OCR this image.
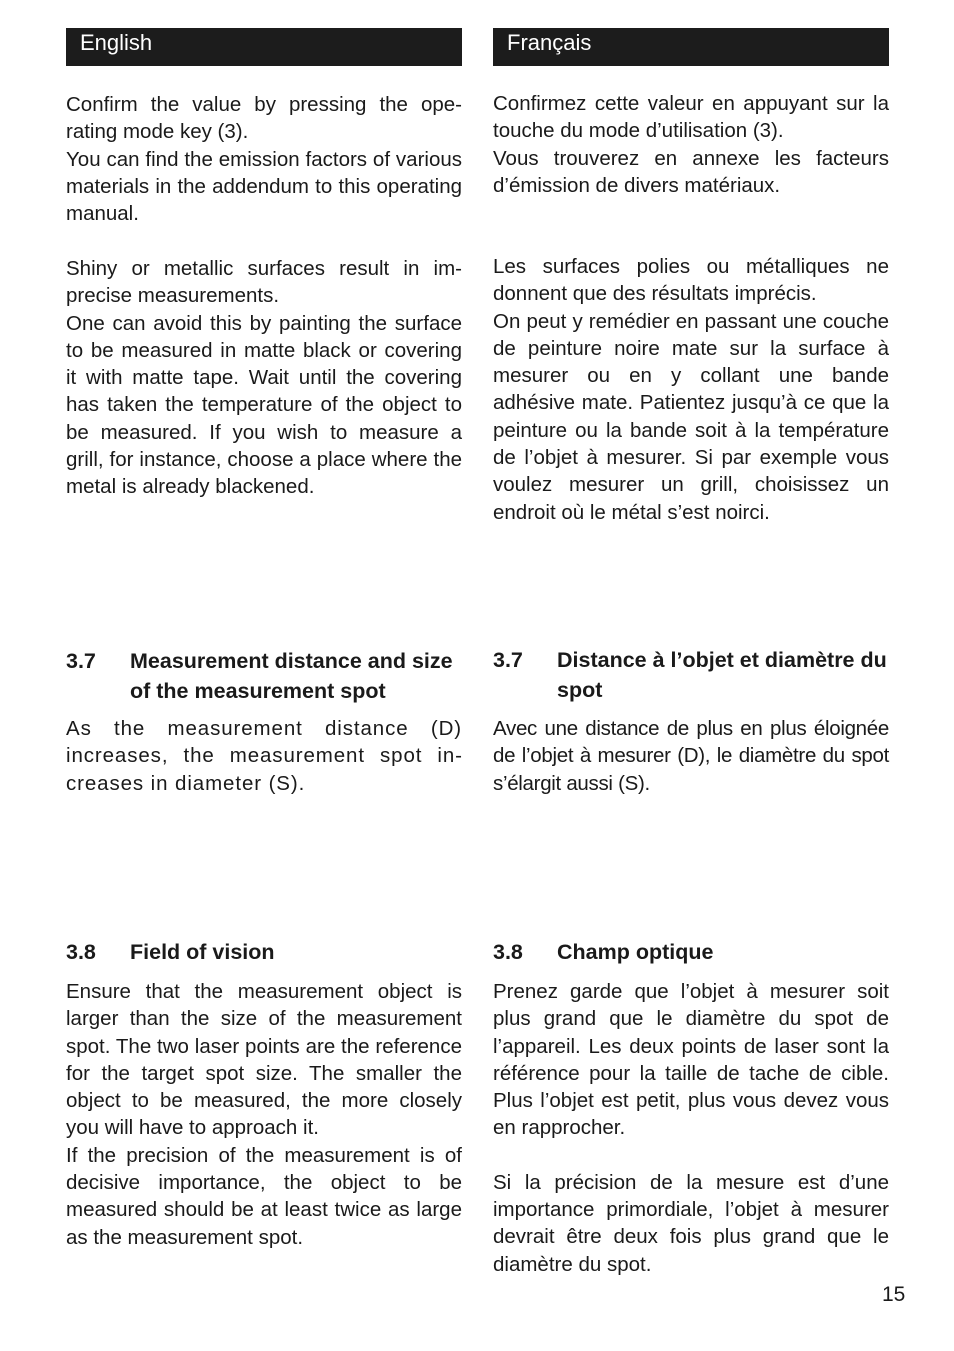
English

Confirm the value by pressing the operating mode key (3).

You can find the emission factors of various materials in the addendum to this operating manual.

Shiny or metallic surfaces result in imprecise measurements.

One can avoid this by painting the surface to be measured in matte black or covering it with matte tape. Wait until the covering has taken the temperature of the object to be measured. If you wish to measure a grill, for instance, choose a place where the metal is already blackened.

3.7 Measurement distance and size of the measurement spot

As the measurement distance (D) increases, the measurement spot increases in diameter (S).

3.8 Field of vision

Ensure that the measurement object is larger than the size of the measurement spot. The two laser points are the reference for the target spot size. The smaller the object to be measured, the more closely you will have to approach it.

If the precision of the measurement is of decisive importance, the object to be measured should be at least twice as large as the measurement spot.

Français

Confirmez cette valeur en appuyant sur la touche du mode d’utilisation (3).

Vous trouverez en annexe les facteurs d’émission de divers matériaux.

Les surfaces polies ou métalliques ne donnent que des résultats imprécis.

On peut y remédier en passant une couche de peinture noire mate sur la surface à mesurer ou en y collant une bande adhésive mate. Patientez jusqu’à ce que la peinture ou la bande soit à la température de l’objet à mesurer. Si par exemple vous voulez mesurer un grill, choisissez un endroit où le métal s’est noirci.

3.7 Distance à l’objet et diamètre du spot

Avec une distance de plus en plus éloignée de l’objet à mesurer (D), le diamètre du spot s’élargit aussi (S).

3.8 Champ optique

Prenez garde que l’objet à mesurer soit plus grand que le diamètre du spot de l’appareil. Les deux points de laser sont la référence pour la taille de tache de cible. Plus l’objet est petit, plus vous devez vous en rapprocher.

Si la précision de la mesure est d’une importance primordiale, l’objet à mesurer devrait être deux fois plus grand que le diamètre du spot.

15
